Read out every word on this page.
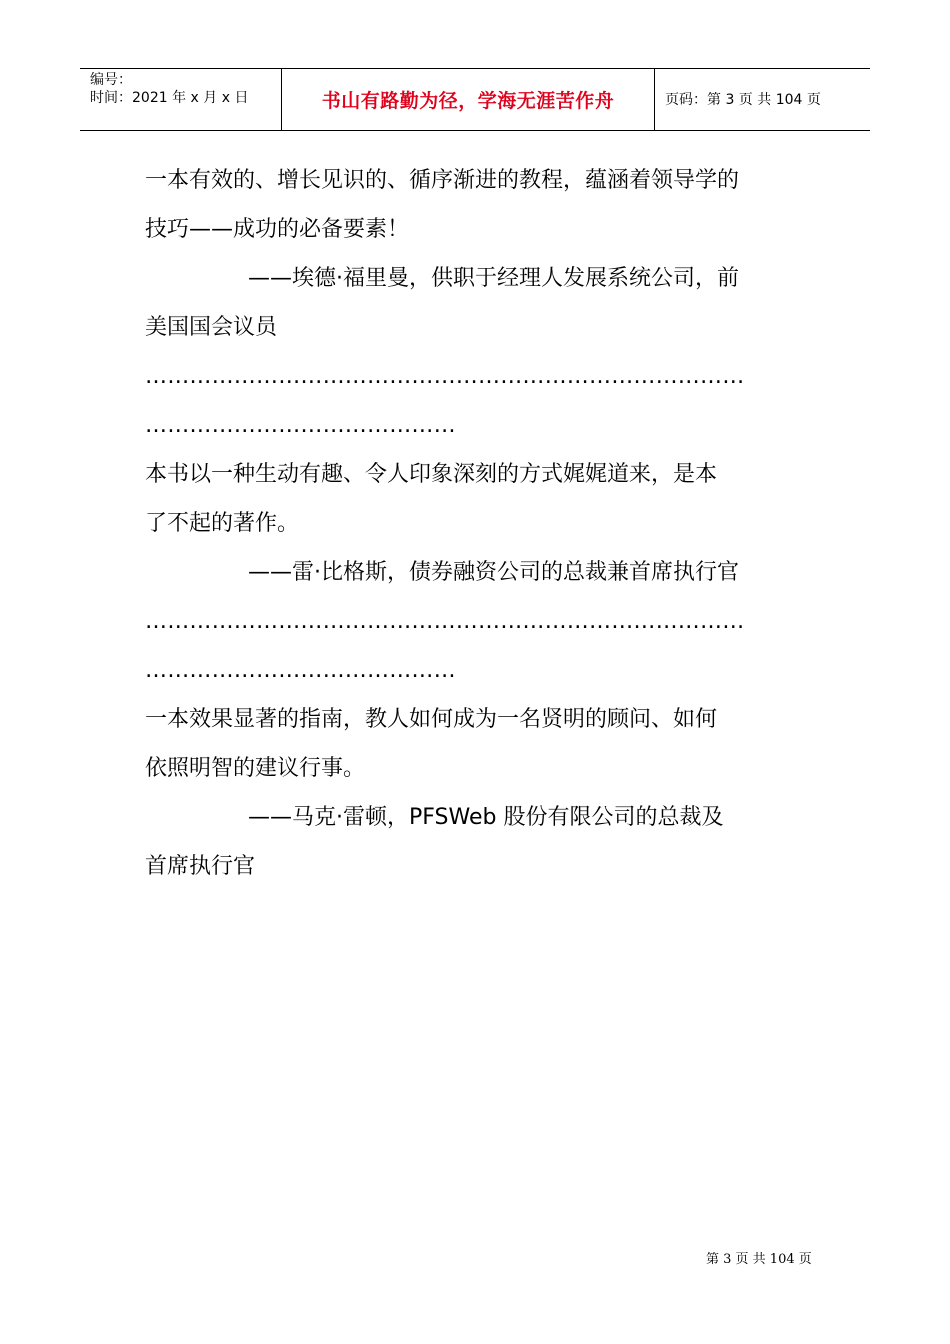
编号：
时间：2021 年 x 月 x 日	书山有路勤为径，学海无涯苦作舟	页码：第 3 页 共 104 页
一本有效的、增长见识的、循序渐进的教程，蕴涵着领导学的
技巧——成功的必备要素！
——埃德·福里曼，供职于经理人发展系统公司，前
美国国会议员
………………………………………………………………………
……………………………………
本书以一种生动有趣、令人印象深刻的方式娓娓道来，是本
了不起的著作。
——雷·比格斯，债券融资公司的总裁兼首席执行官
………………………………………………………………………
……………………………………
一本效果显著的指南，教人如何成为一名贤明的顾问、如何
依照明智的建议行事。
——马克·雷顿，PFSWeb 股份有限公司的总裁及
首席执行官
第 3 页 共 104 页
